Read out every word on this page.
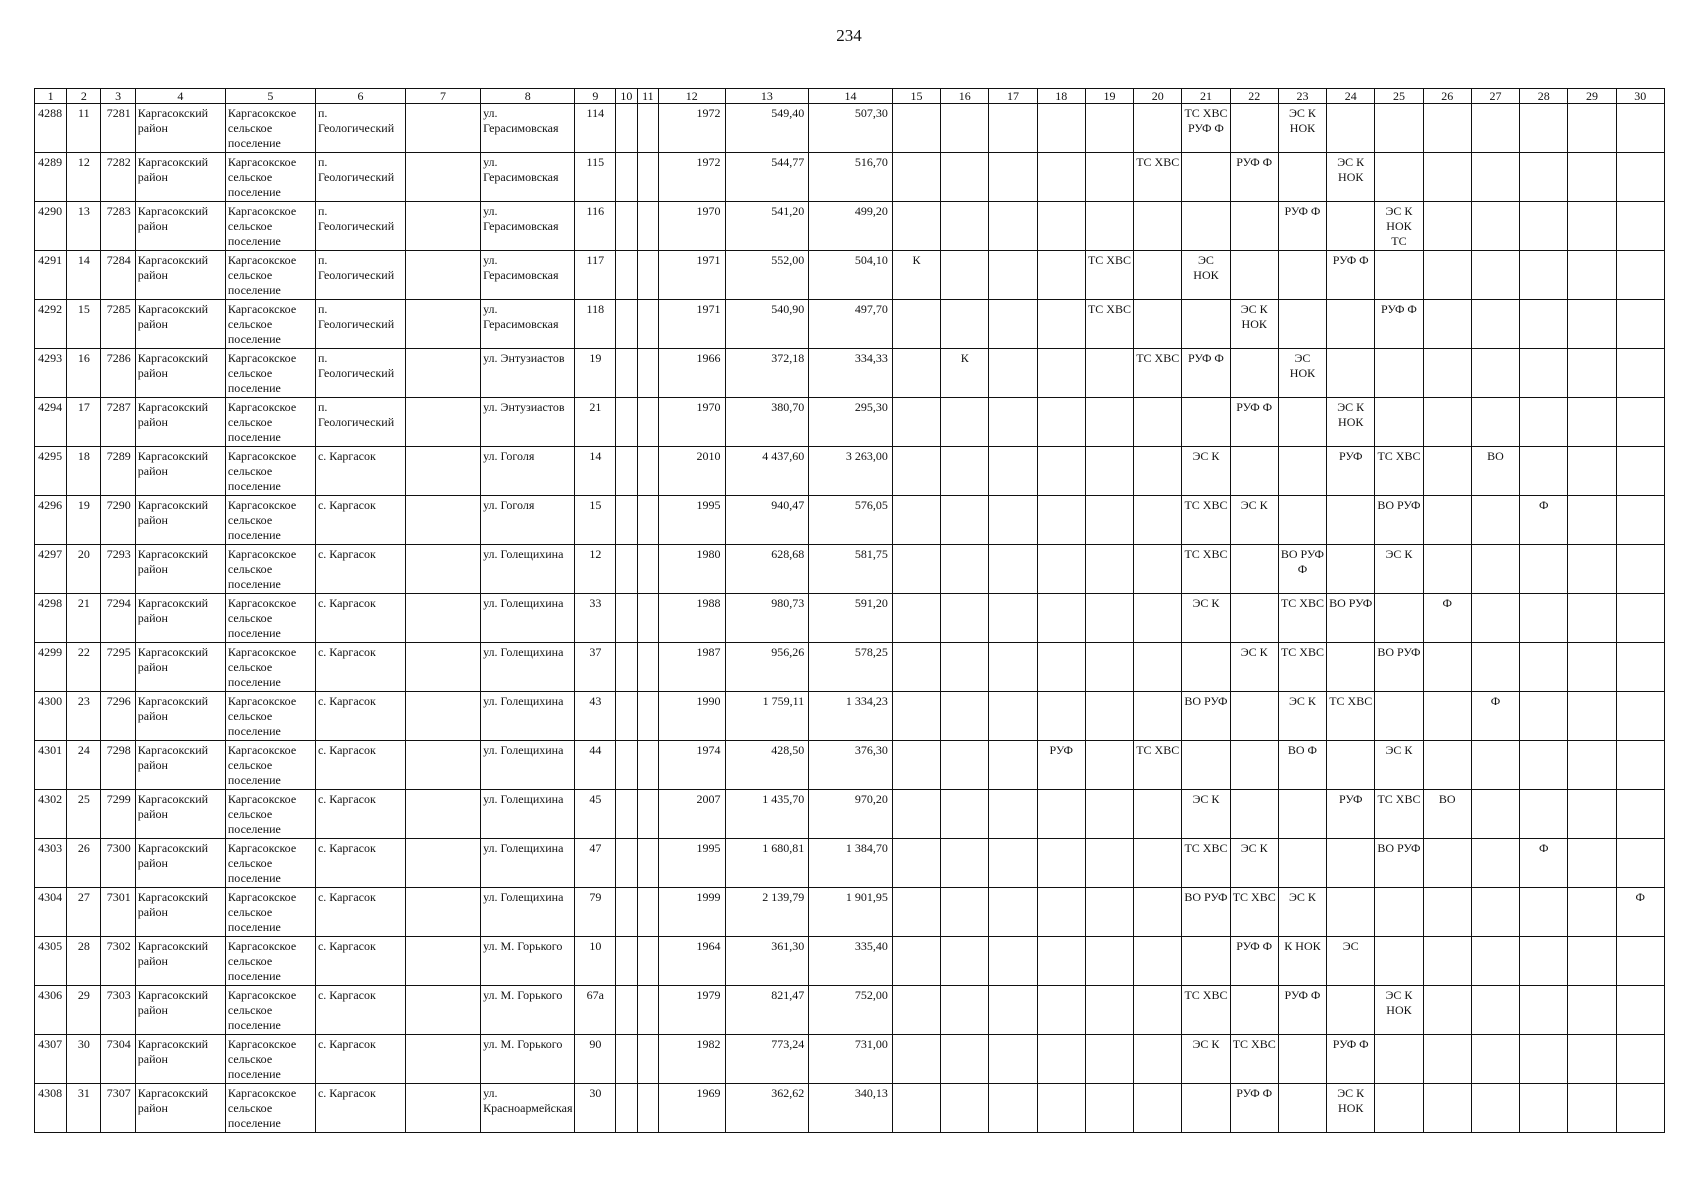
234
1	2	3	4	5	6	7	8	9	10	11	12	13	14	15	16	17	18	19	20	21	22	23	24	25	26	27	28	29	30
4288	11	7281	Каргасокский район	Каргасокское сельское поселение	п. Геологический		ул. Герасимовская	114			1972	549,40	507,30							ТС ХВС РУФ Ф		ЭС К НОК							
4289	12	7282	Каргасокский район	Каргасокское сельское поселение	п. Геологический		ул. Герасимовская	115			1972	544,77	516,70						ТС ХВС		РУФ Ф		ЭС К НОК						
4290	13	7283	Каргасокский район	Каргасокское сельское поселение	п. Геологический		ул. Герасимовская	116			1970	541,20	499,20									РУФ Ф		ЭС К НОК ТС					
4291	14	7284	Каргасокский район	Каргасокское сельское поселение	п. Геологический		ул. Герасимовская	117			1971	552,00	504,10	К				ТС ХВС		ЭС НОК			РУФ Ф						
4292	15	7285	Каргасокский район	Каргасокское сельское поселение	п. Геологический		ул. Герасимовская	118			1971	540,90	497,70					ТС ХВС			ЭС К НОК			РУФ Ф					
4293	16	7286	Каргасокский район	Каргасокское сельское поселение	п. Геологический		ул. Энтузиастов	19			1966	372,18	334,33		К				ТС ХВС	РУФ Ф		ЭС НОК							
4294	17	7287	Каргасокский район	Каргасокское сельское поселение	п. Геологический		ул. Энтузиастов	21			1970	380,70	295,30								РУФ Ф		ЭС К НОК						
4295	18	7289	Каргасокский район	Каргасокское сельское поселение	с. Каргасок		ул. Гоголя	14			2010	4 437,60	3 263,00							ЭС К			РУФ	ТС ХВС		ВО			
4296	19	7290	Каргасокский район	Каргасокское сельское поселение	с. Каргасок		ул. Гоголя	15			1995	940,47	576,05							ТС ХВС	ЭС К			ВО РУФ			Ф		
4297	20	7293	Каргасокский район	Каргасокское сельское поселение	с. Каргасок		ул. Голещихина	12			1980	628,68	581,75							ТС ХВС		ВО РУФ Ф		ЭС К					
4298	21	7294	Каргасокский район	Каргасокское сельское поселение	с. Каргасок		ул. Голещихина	33			1988	980,73	591,20							ЭС К		ТС ХВС	ВО РУФ		Ф				
4299	22	7295	Каргасокский район	Каргасокское сельское поселение	с. Каргасок		ул. Голещихина	37			1987	956,26	578,25								ЭС К	ТС ХВС		ВО РУФ					
4300	23	7296	Каргасокский район	Каргасокское сельское поселение	с. Каргасок		ул. Голещихина	43			1990	1 759,11	1 334,23							ВО РУФ		ЭС К	ТС ХВС			Ф			
4301	24	7298	Каргасокский район	Каргасокское сельское поселение	с. Каргасок		ул. Голещихина	44			1974	428,50	376,30				РУФ		ТС ХВС			ВО Ф		ЭС К					
4302	25	7299	Каргасокский район	Каргасокское сельское поселение	с. Каргасок		ул. Голещихина	45			2007	1 435,70	970,20							ЭС К			РУФ	ТС ХВС	ВО				
4303	26	7300	Каргасокский район	Каргасокское сельское поселение	с. Каргасок		ул. Голещихина	47			1995	1 680,81	1 384,70							ТС ХВС	ЭС К			ВО РУФ			Ф		
4304	27	7301	Каргасокский район	Каргасокское сельское поселение	с. Каргасок		ул. Голещихина	79			1999	2 139,79	1 901,95							ВО РУФ	ТС ХВС	ЭС К							Ф
4305	28	7302	Каргасокский район	Каргасокское сельское поселение	с. Каргасок		ул. М. Горького	10			1964	361,30	335,40								РУФ Ф	К НОК	ЭС						
4306	29	7303	Каргасокский район	Каргасокское сельское поселение	с. Каргасок		ул. М. Горького	67а			1979	821,47	752,00							ТС ХВС		РУФ Ф		ЭС К НОК					
4307	30	7304	Каргасокский район	Каргасокское сельское поселение	с. Каргасок		ул. М. Горького	90			1982	773,24	731,00							ЭС К	ТС ХВС		РУФ Ф						
4308	31	7307	Каргасокский район	Каргасокское сельское поселение	с. Каргасок		ул. Красноармейская	30			1969	362,62	340,13								РУФ Ф		ЭС К НОК						
